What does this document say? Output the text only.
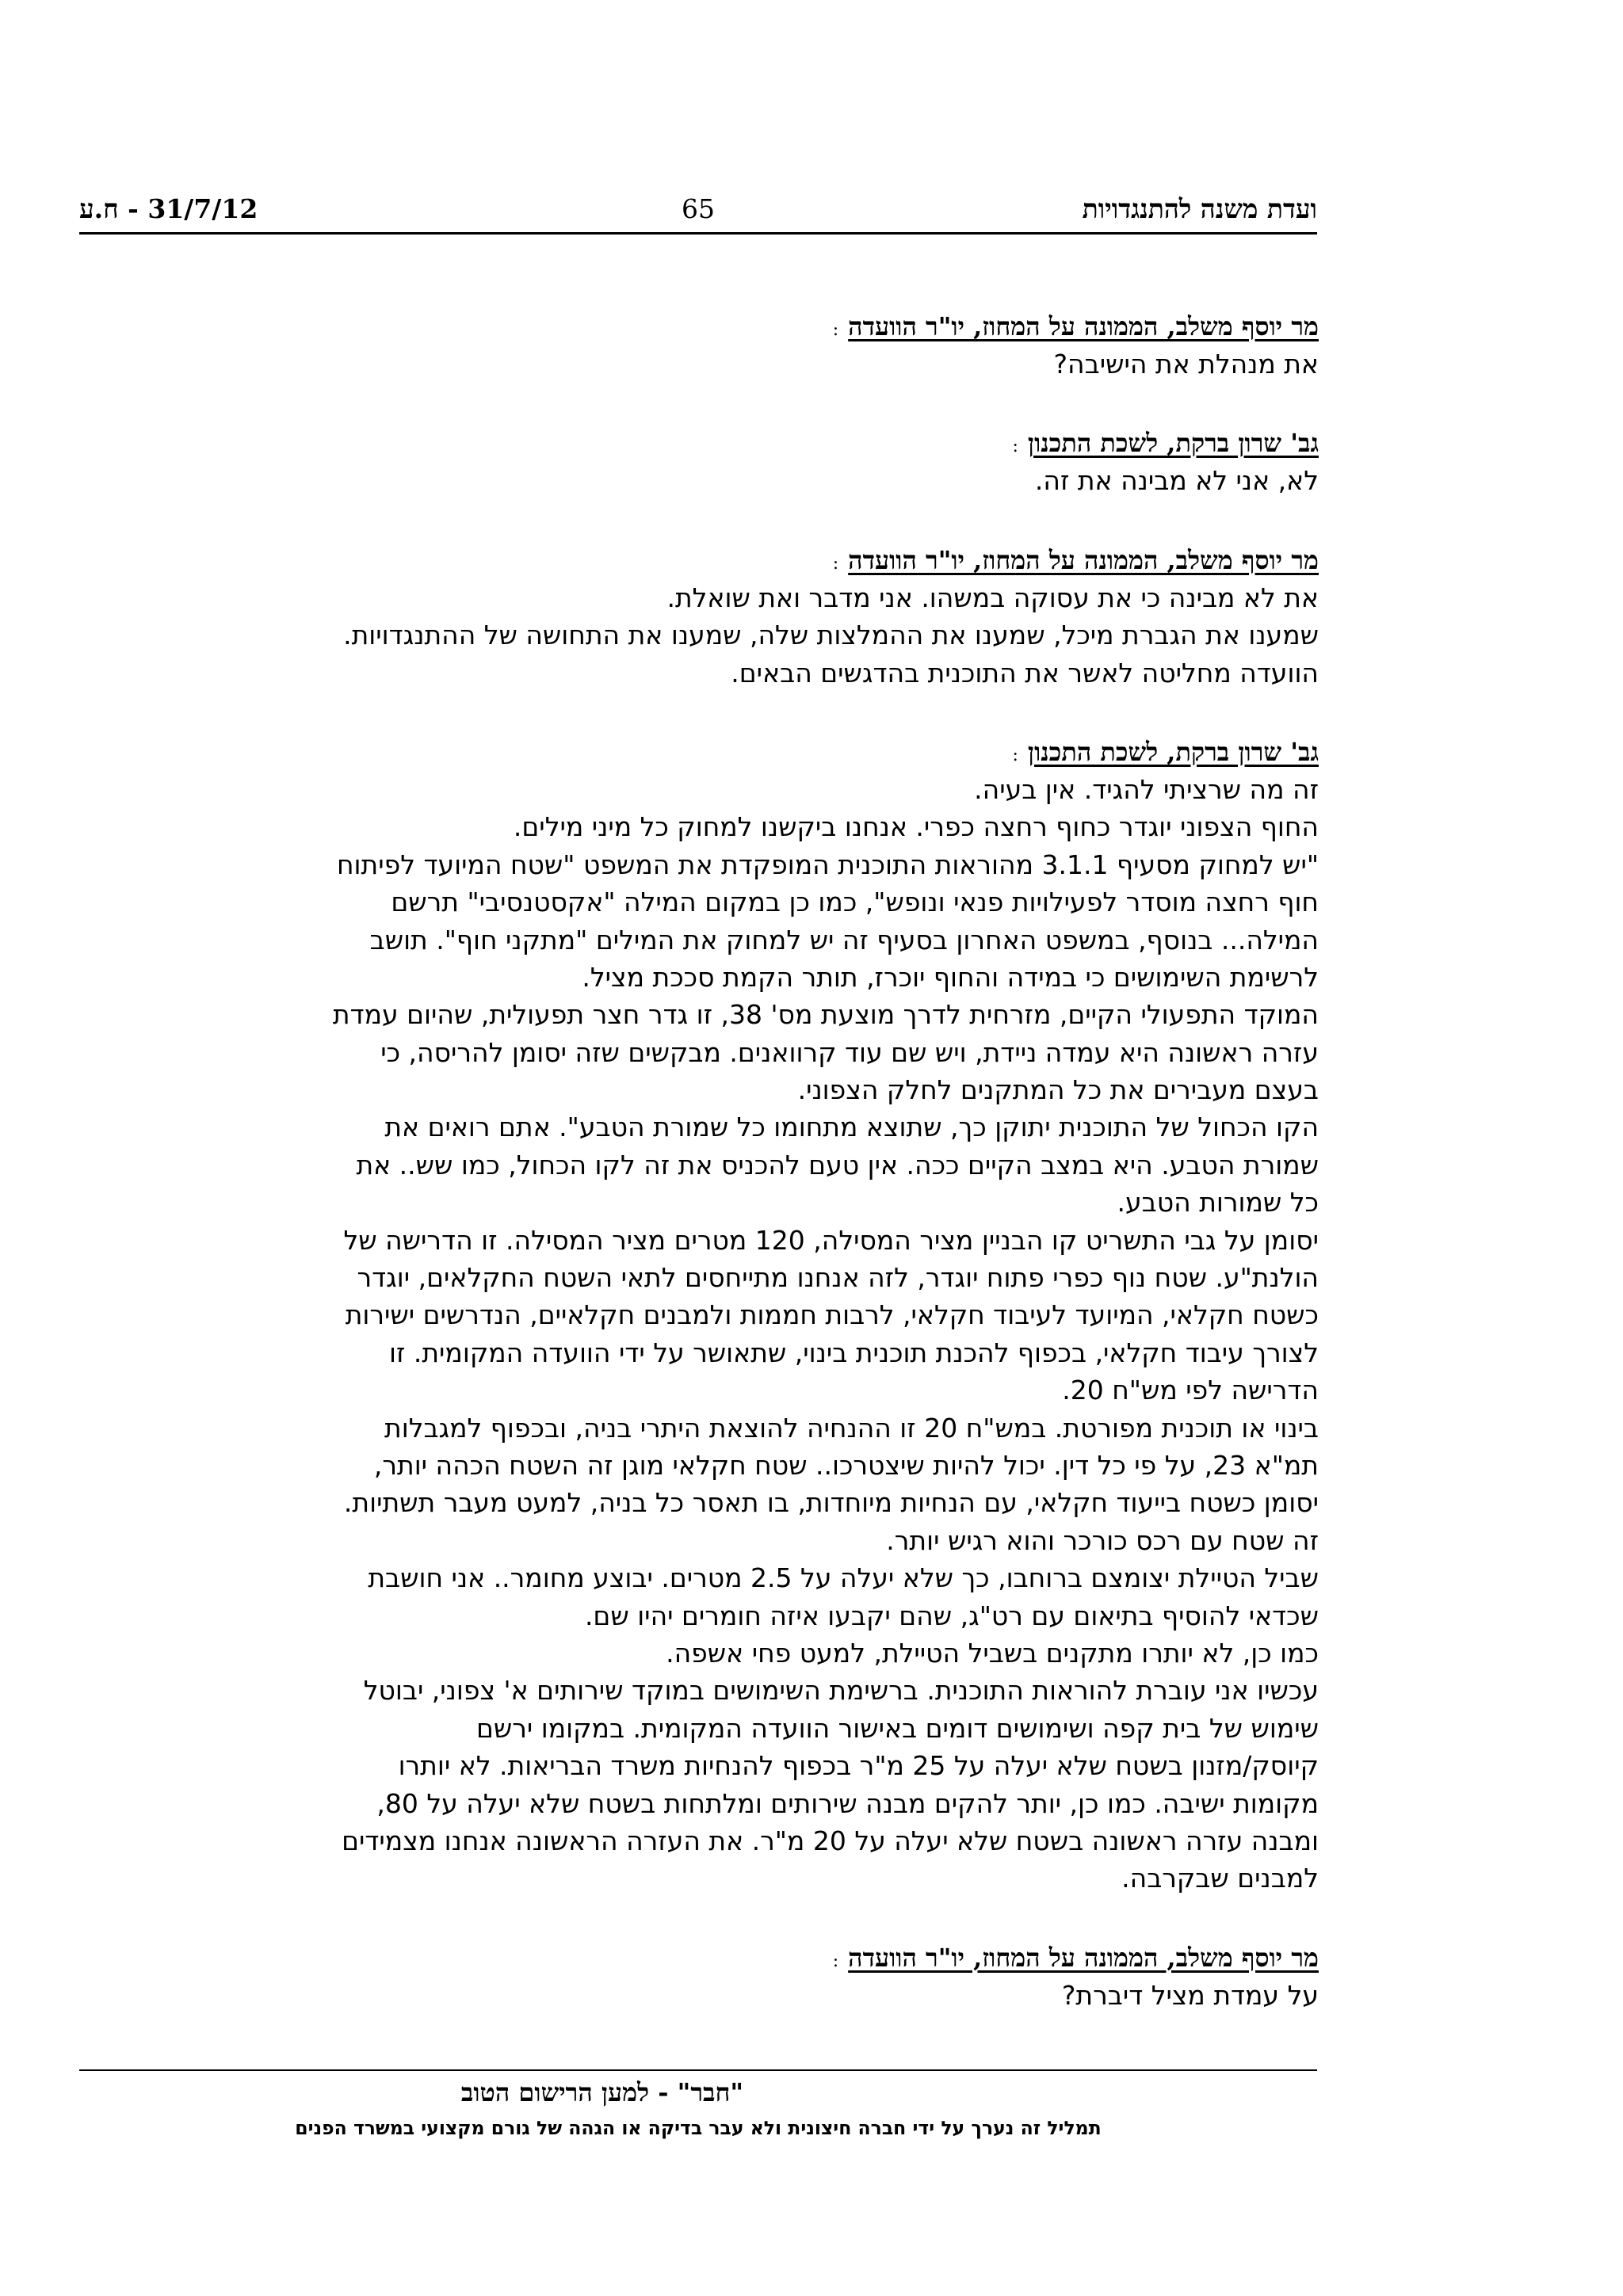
ועדת משנה להתנגדויות
65
31/7/12 - ח.ע
מר יוסף משלב, הממונה על המחוז, יו"ר הוועדה:
את מנהלת את הישיבה?
גב' שרון ברקת, לשכת התכנון:
לא, אני לא מבינה את זה.
מר יוסף משלב, הממונה על המחוז, יו"ר הוועדה:
את לא מבינה כי את עסוקה במשהו. אני מדבר ואת שואלת.
שמענו את הגברת מיכל, שמענו את ההמלצות שלה, שמענו את התחושה של ההתנגדויות.
הוועדה מחליטה לאשר את התוכנית בהדגשים הבאים.
גב' שרון ברקת, לשכת התכנון:
זה מה שרציתי להגיד. אין בעיה.
החוף הצפוני יוגדר כחוף רחצה כפרי. אנחנו ביקשנו למחוק כל מיני מילים.
"יש למחוק מסעיף 3.1.1 מהוראות התוכנית המופקדת את המשפט "שטח המיועד לפיתוח
חוף רחצה מוסדר לפעילויות פנאי ונופש", כמו כן במקום המילה "אקסטנסיבי" תרשם
המילה... בנוסף, במשפט האחרון בסעיף זה יש למחוק את המילים "מתקני חוף". תושב
לרשימת השימושים כי במידה והחוף יוכרז, תותר הקמת סככת מציל.
המוקד התפעולי הקיים, מזרחית לדרך מוצעת מס' 38, זו גדר חצר תפעולית, שהיום עמדת
עזרה ראשונה היא עמדה ניידת, ויש שם עוד קרוואנים. מבקשים שזה יסומן להריסה, כי
בעצם מעבירים את כל המתקנים לחלק הצפוני.
הקו הכחול של התוכנית יתוקן כך, שתוצא מתחומו כל שמורת הטבע". אתם רואים את
שמורת הטבע. היא במצב הקיים ככה. אין טעם להכניס את זה לקו הכחול, כמו שש.. את
כל שמורות הטבע.
יסומן על גבי התשריט קו הבניין מציר המסילה, 120 מטרים מציר המסילה. זו הדרישה של
הולנת"ע. שטח נוף כפרי פתוח יוגדר, לזה אנחנו מתייחסים לתאי השטח החקלאים, יוגדר
כשטח חקלאי, המיועד לעיבוד חקלאי, לרבות חממות ולמבנים חקלאיים, הנדרשים ישירות
לצורך עיבוד חקלאי, בכפוף להכנת תוכנית בינוי, שתאושר על ידי הוועדה המקומית. זו
הדרישה לפי מש"ח 20.
בינוי או תוכנית מפורטת. במש"ח 20 זו ההנחיה להוצאת היתרי בניה, ובכפוף למגבלות
תמ"א 23, על פי כל דין. יכול להיות שיצטרכו.. שטח חקלאי מוגן זה השטח הכהה יותר,
יסומן כשטח בייעוד חקלאי, עם הנחיות מיוחדות, בו תאסר כל בניה, למעט מעבר תשתיות.
זה שטח עם רכס כורכר והוא רגיש יותר.
שביל הטיילת יצומצם ברוחבו, כך שלא יעלה על 2.5 מטרים. יבוצע מחומר.. אני חושבת
שכדאי להוסיף בתיאום עם רט"ג, שהם יקבעו איזה חומרים יהיו שם.
כמו כן, לא יותרו מתקנים בשביל הטיילת, למעט פחי אשפה.
עכשיו אני עוברת להוראות התוכנית. ברשימת השימושים במוקד שירותים א' צפוני, יבוטל
שימוש של בית קפה ושימושים דומים באישור הוועדה המקומית. במקומו ירשם
קיוסק/מזנון בשטח שלא יעלה על 25 מ"ר בכפוף להנחיות משרד הבריאות. לא יותרו
מקומות ישיבה. כמו כן, יותר להקים מבנה שירותים ומלתחות בשטח שלא יעלה על 80,
ומבנה עזרה ראשונה בשטח שלא יעלה על 20 מ"ר. את העזרה הראשונה אנחנו מצמידים
למבנים שבקרבה.
מר יוסף משלב, הממונה על המחוז, יו"ר הוועדה:
על עמדת מציל דיברת?
"חבר" - למען הרישום הטוב
תמליל זה נערך על ידי חברה חיצונית ולא עבר בדיקה או הגהה של גורם מקצועי במשרד הפנים
